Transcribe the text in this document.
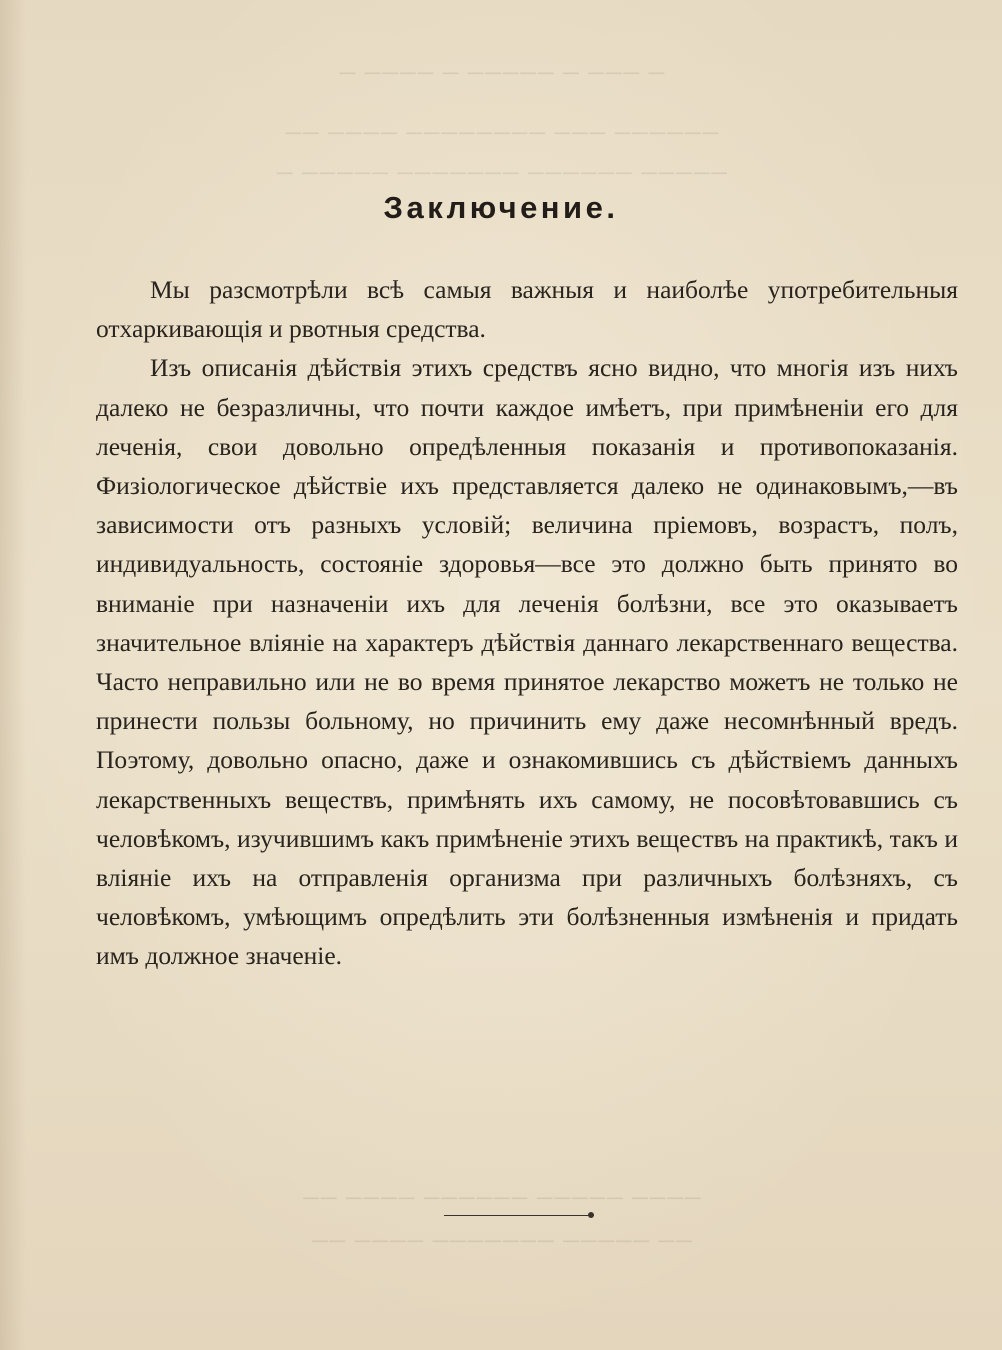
─ ─── ─ ───── ─ ──── ─
────── ─── ──────── ──── ──
───── ────── ─────── ───── ─
──── ───── ────── ──── ──
── ───── ─────── ──── ──
Заключение.

Мы разсмотрѣли всѣ самыя важныя и наиболѣе употребительныя отхаркивающія и рвотныя средства.

Изъ описанія дѣйствія этихъ средствъ ясно видно, что многія изъ нихъ далеко не безразличны, что почти каждое имѣетъ, при примѣненіи его для леченія, свои довольно опредѣленныя показанія и противопоказанія. Физіологическое дѣйствіе ихъ представляется далеко не одинаковымъ,—въ зависимости отъ разныхъ условій; величина пріемовъ, возрастъ, полъ, индивидуальность, состояніе здоровья—все это должно быть принято во вниманіе при назначеніи ихъ для леченія болѣзни, все это оказываетъ значительное вліяніе на характеръ дѣйствія даннаго лекарственнаго вещества. Часто неправильно или не во время принятое лекарство можетъ не только не принести пользы больному, но причинить ему даже несомнѣнный вредъ. Поэтому, довольно опасно, даже и ознакомившись съ дѣйствіемъ данныхъ лекарственныхъ веществъ, примѣнять ихъ самому, не посовѣтовавшись съ человѣкомъ, изучившимъ какъ примѣненіе этихъ веществъ на практикѣ, такъ и вліяніе ихъ на отправленія организма при различныхъ болѣзняхъ, съ человѣкомъ, умѣющимъ опредѣлить эти болѣзненныя измѣненія и придать имъ должное значеніе.
